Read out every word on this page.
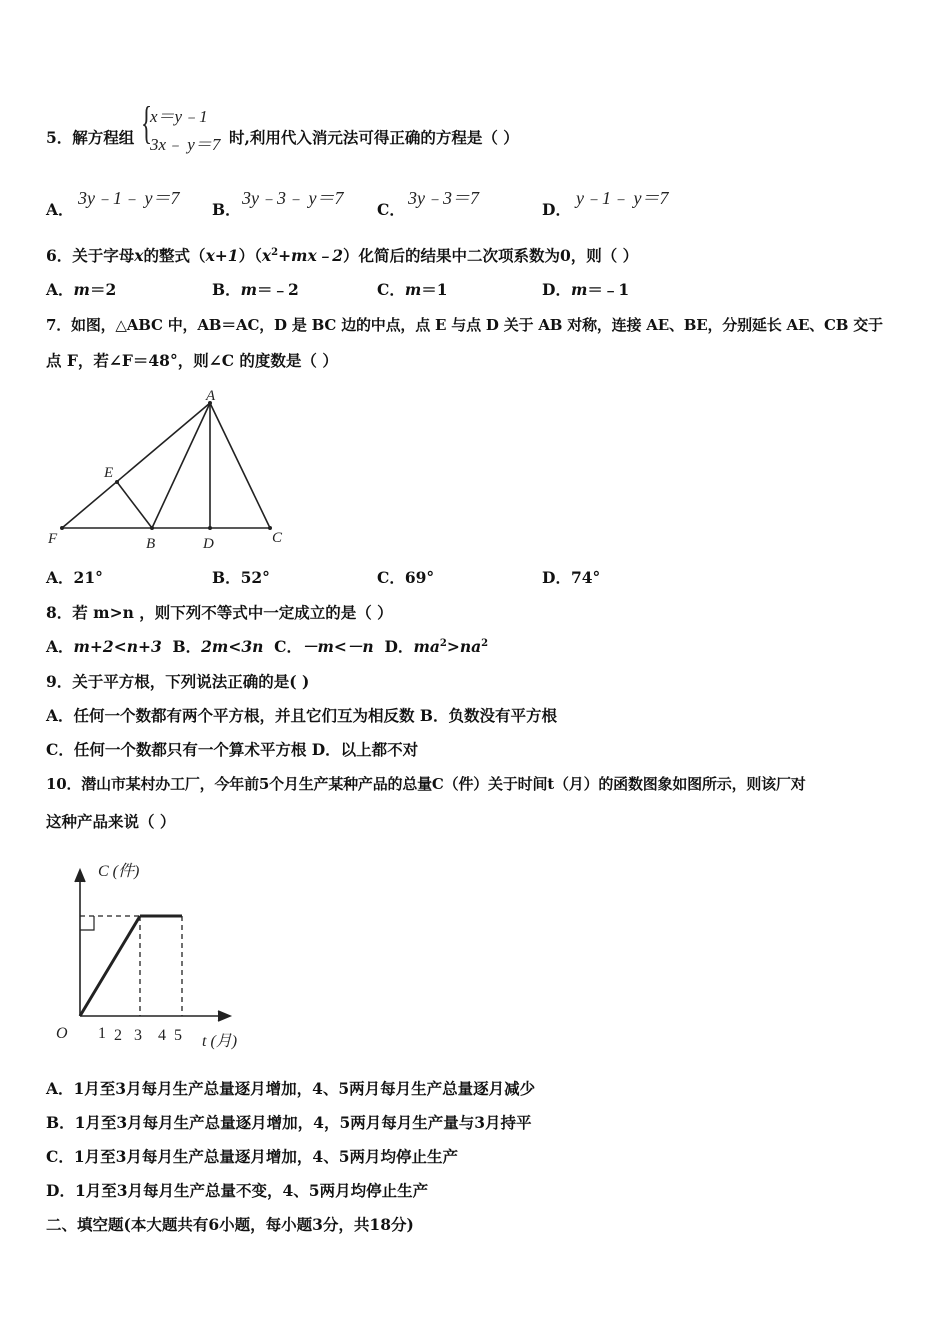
5．解方程组 {
x＝y﹣1
3x﹣ y＝7 时,利用代入消元法可得正确的方程是（ ）
A．
3y﹣1﹣ y＝7
B．
3y﹣3﹣ y＝7
C．
3y﹣3＝7
D．
y﹣1﹣ y＝7
6．关于字母x的整式$(x+1)(x^2+mx﹣2)$化简后的结果中二次项系数为0，则（ ）
A．m＝2	B．m＝﹣2	C．m＝1	D．m＝﹣1
7．如图，△ABC 中，AB＝AC，D 是 BC 边的中点，点 E 与点 D 关于 AB 对称，连接 AE、BE，分别延长 AE、CB 交于
点 F，若∠F＝48°，则∠C 的度数是（ ）
A
E
F	B	D	C
A．21°	B．52°	C．69°	D．74°
8．若 m>n ，则下列不等式中一定成立的是（ ）
A．m+2<n+3 B．2m<3n C．－m<－n D．$ma^2>na^2$
9．关于平方根，下列说法正确的是( )
A．任何一个数都有两个平方根，并且它们互为相反数 B．负数没有平方根
C．任何一个数都只有一个算术平方根 D．以上都不对
10．潜山市某村办工厂，今年前5个月生产某种产品的总量C（件）关于时间t（月）的函数图象如图所示，则该厂对
这种产品来说（ ）
C (件)
O 1 2 3 4 5 t (月)
A．1月至3月每月生产总量逐月增加，4、5两月每月生产总量逐月减少
B．1月至3月每月生产总量逐月增加，4，5两月每月生产量与3月持平
C．1月至3月每月生产总量逐月增加，4、5两月均停止生产
D．1月至3月每月生产总量不变，4、5两月均停止生产
二、填空题(本大题共有6小题，每小题3分，共18分)
